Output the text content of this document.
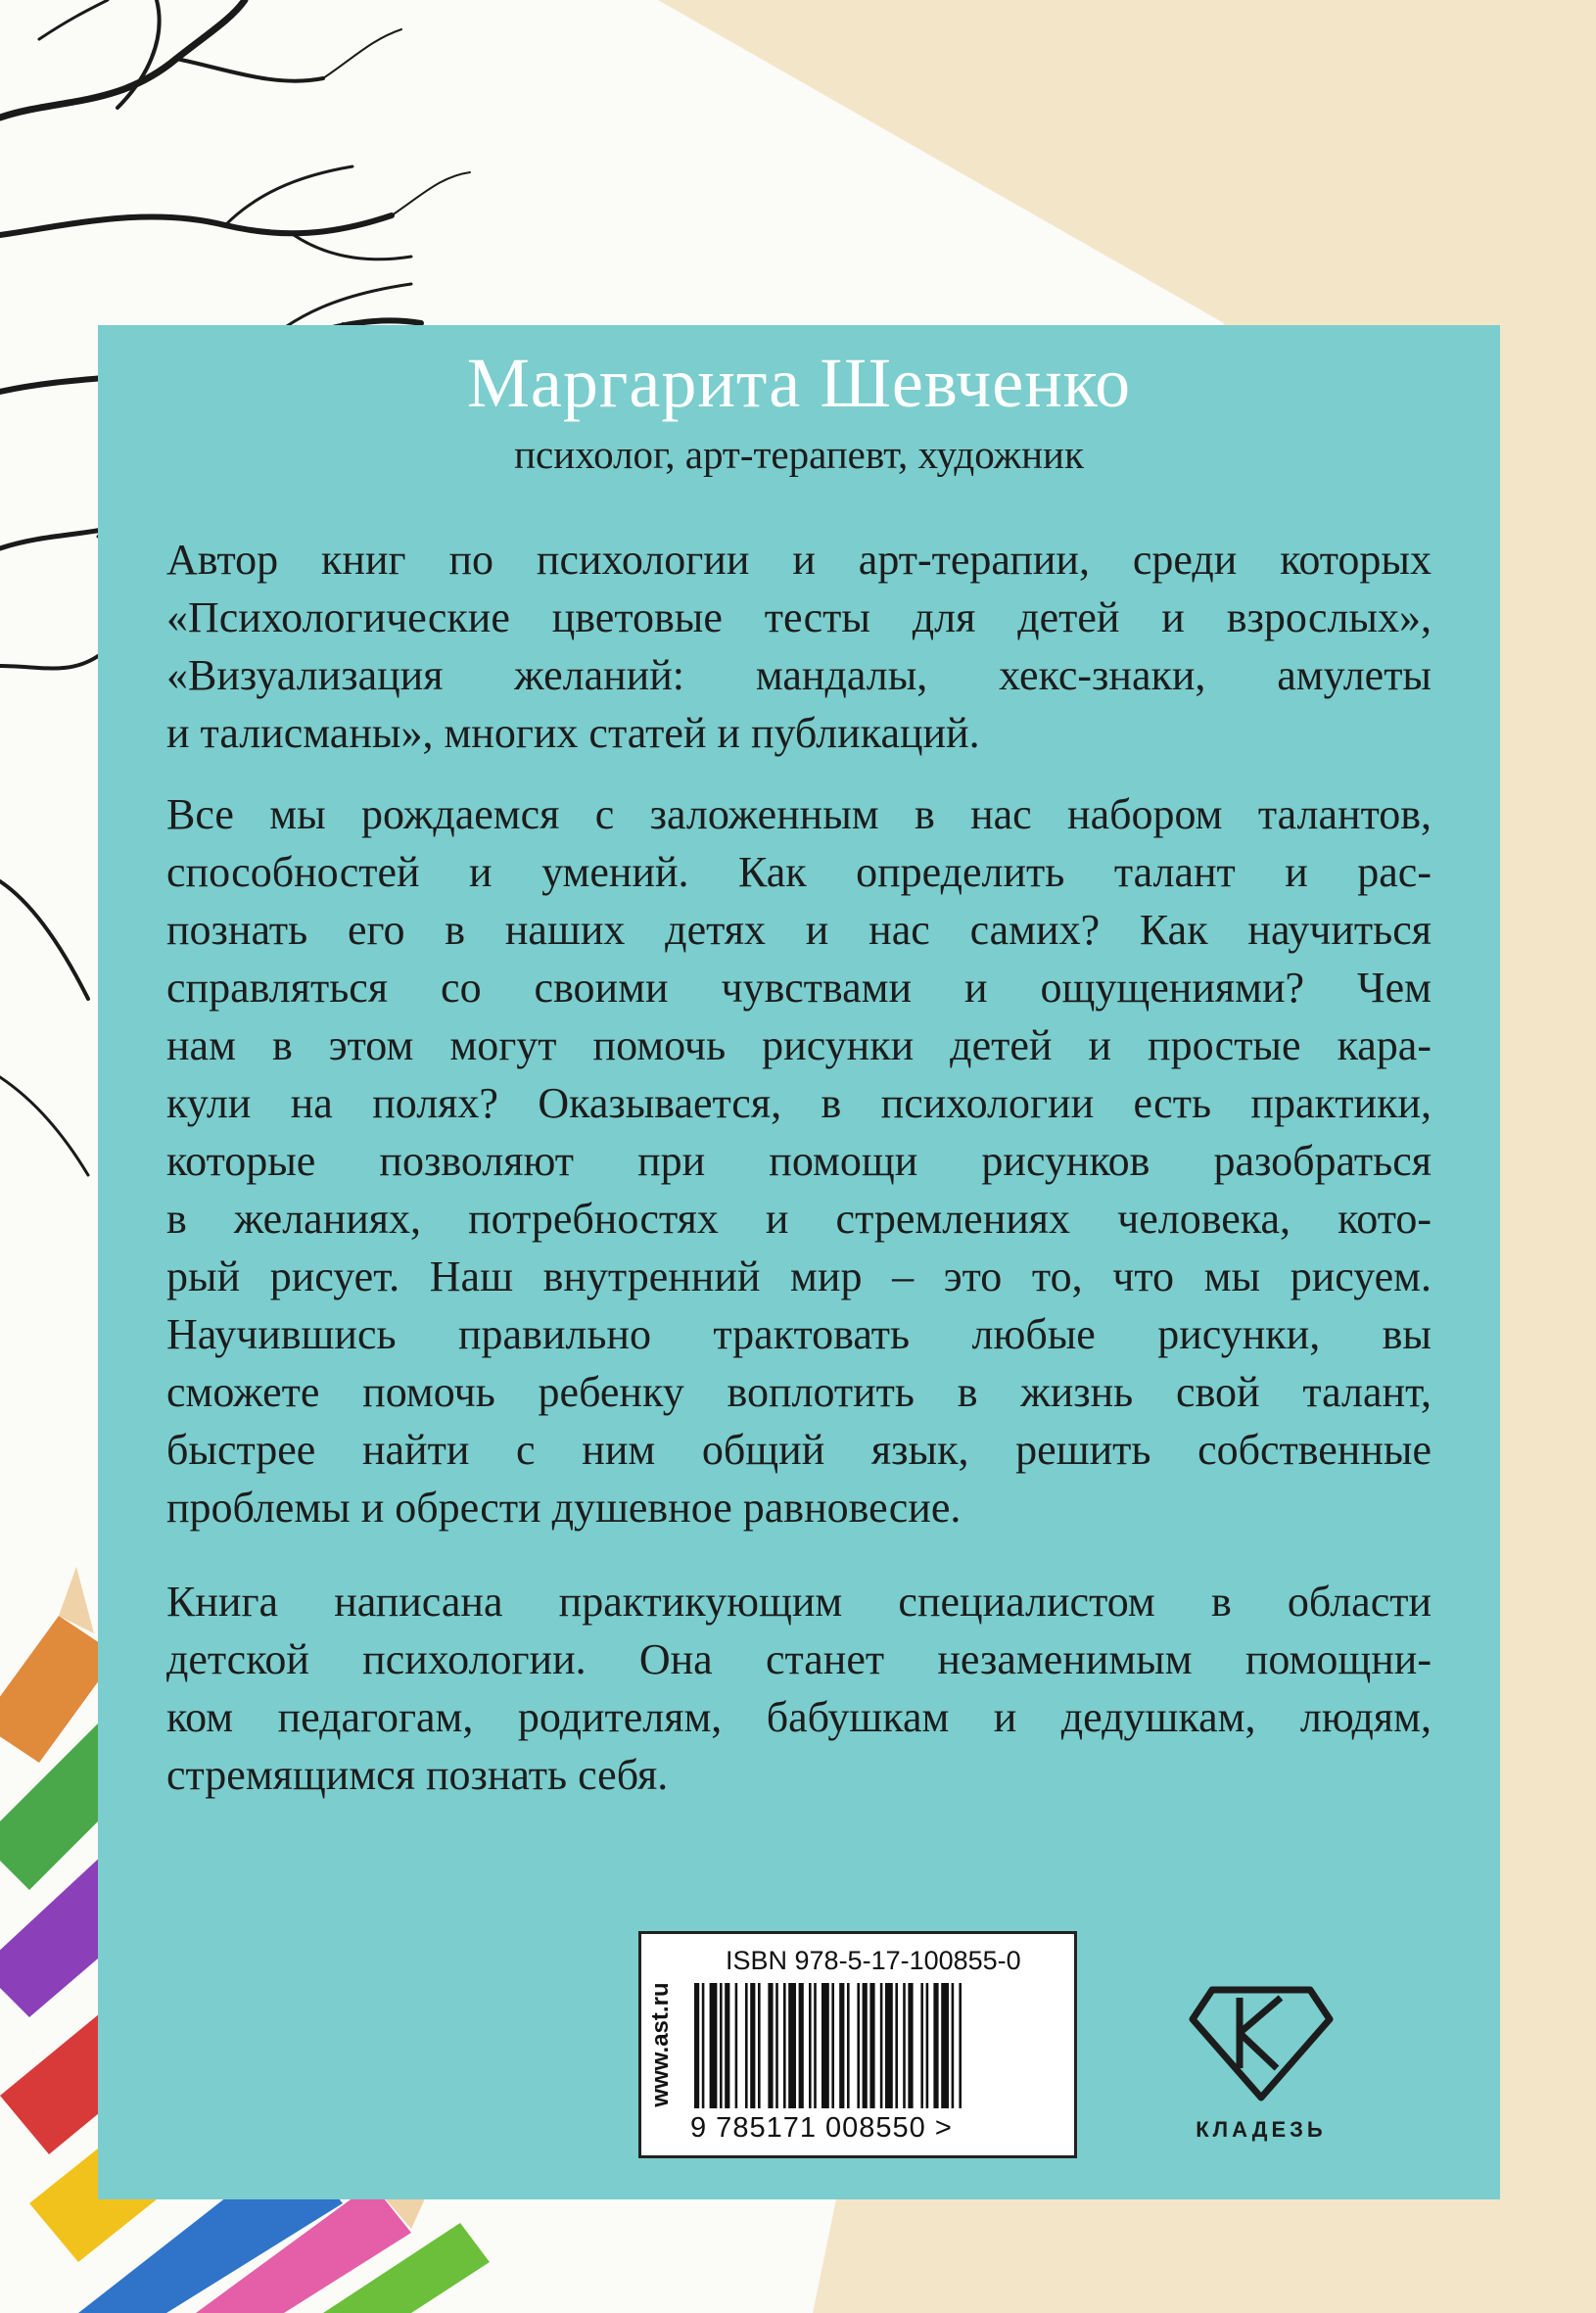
Маргарита Шевченко
психолог, арт-терапевт, художник
Автор книг по психологии и арт-терапии, среди которых
«Психологические цветовые тесты для детей и взрослых»,
«Визуализация желаний: мандалы, хекс-знаки, амулеты
и талисманы», многих статей и публикаций.
Все мы рождаемся с заложенным в нас набором талантов,
способностей и умений. Как определить талант и рас-
познать его в наших детях и нас самих? Как научиться
справляться со своими чувствами и ощущениями? Чем
нам в этом могут помочь рисунки детей и простые кара-
кули на полях? Оказывается, в психологии есть практики,
которые позволяют при помощи рисунков разобраться
в желаниях, потребностях и стремлениях человека, кото-
рый рисует. Наш внутренний мир – это то, что мы рисуем.
Научившись правильно трактовать любые рисунки, вы
сможете помочь ребенку воплотить в жизнь свой талант,
быстрее найти с ним общий язык, решить собственные
проблемы и обрести душевное равновесие.
Книга написана практикующим специалистом в области
детской психологии. Она станет незаменимым помощни-
ком педагогам, родителям, бабушкам и дедушкам, людям,
стремящимся познать себя.
www.ast.ru
ISBN 978-5-17-100855-0
9 785171 008550 >	КЛАДЕЗЬ
